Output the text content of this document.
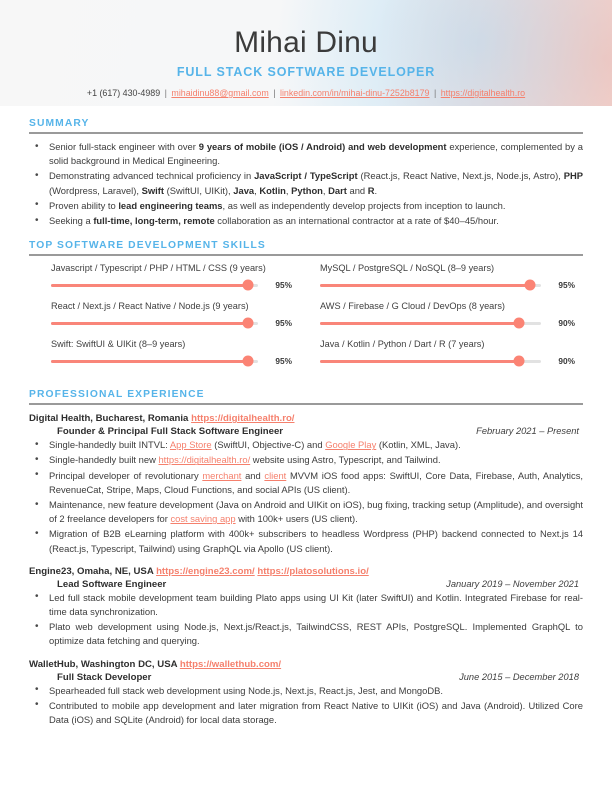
Mihai Dinu
FULL STACK SOFTWARE DEVELOPER
+1 (617) 430-4989 | mihaidinu88@gmail.com | linkedin.com/in/mihai-dinu-7252b8179 | https://digitalhealth.ro
SUMMARY
• Senior full-stack engineer with over 9 years of mobile (iOS / Android) and web development experience, complemented by a solid background in Medical Engineering.
• Demonstrating advanced technical proficiency in JavaScript / TypeScript (React.js, React Native, Next.js, Node.js, Astro), PHP (Wordpress, Laravel), Swift (SwiftUI, UIKit), Java, Kotlin, Python, Dart and R.
• Proven ability to lead engineering teams, as well as independently develop projects from inception to launch.
• Seeking a full-time, long-term, remote collaboration as an international contractor at a rate of $40–45/hour.
TOP SOFTWARE DEVELOPMENT SKILLS
Javascript / Typescript / PHP / HTML / CSS (9 years)
95%
React / Next.js / React Native / Node.js (9 years)
95%
Swift: SwiftUI & UIKit (8–9 years)
95%
MySQL / PostgreSQL / NoSQL (8–9 years)
95%
AWS / Firebase / G Cloud / DevOps (8 years)
90%
Java / Kotlin / Python / Dart / R (7 years)
90%
PROFESSIONAL EXPERIENCE
Digital Health, Bucharest, Romania https://digitalhealth.ro/
Founder & Principal Full Stack Software Engineer	February 2021 – Present
• Single-handedly built INTVL: App Store (SwiftUI, Objective-C) and Google Play (Kotlin, XML, Java).
• Single-handedly built new https://digitalhealth.ro/ website using Astro, Typescript, and Tailwind.
• Principal developer of revolutionary merchant and client MVVM iOS food apps: SwiftUI, Core Data, Firebase, Auth, Analytics, RevenueCat, Stripe, Maps, Cloud Functions, and social APIs (US client).
• Maintenance, new feature development (Java on Android and UIKit on iOS), bug fixing, tracking setup (Amplitude), and oversight of 2 freelance developers for cost saving app with 100k+ users (US client).
• Migration of B2B eLearning platform with 400k+ subscribers to headless Wordpress (PHP) backend connected to Next.js 14 (React.js, Typescript, Tailwind) using GraphQL via Apollo (US client).
Engine23, Omaha, NE, USA https://engine23.com/ https://platosolutions.io/
Lead Software Engineer	January 2019 – November 2021
• Led full stack mobile development team building Plato apps using UI Kit (later SwiftUI) and Kotlin. Integrated Firebase for real-time data synchronization.
• Plato web development using Node.js, Next.js/React.js, TailwindCSS, REST APIs, PostgreSQL. Implemented GraphQL to optimize data fetching and querying.
WalletHub, Washington DC, USA https://wallethub.com/
Full Stack Developer	June 2015 – December 2018
• Spearheaded full stack web development using Node.js, Next.js, React.js, Jest, and MongoDB.
• Contributed to mobile app development and later migration from React Native to UIKit (iOS) and Java (Android). Utilized Core Data (iOS) and SQLite (Android) for local data storage.
